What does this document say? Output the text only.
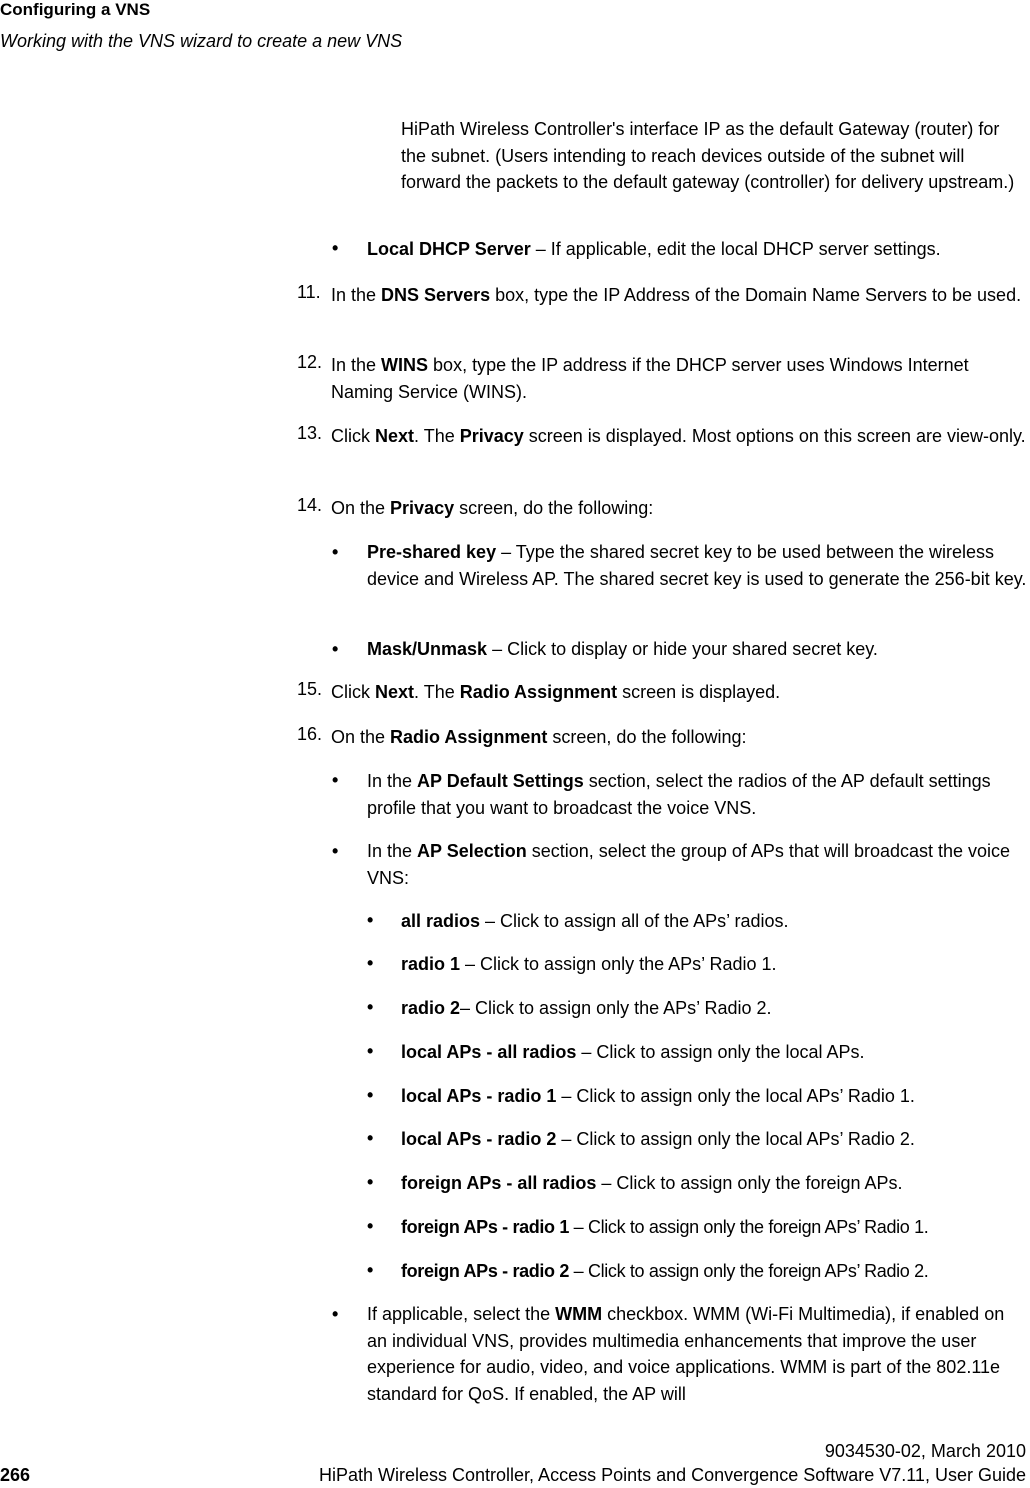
Configuring a VNS
Working with the VNS wizard to create a new VNS
HiPath Wireless Controller's interface IP as the default Gateway (router) for the subnet. (Users intending to reach devices outside of the subnet will forward the packets to the default gateway (controller) for delivery upstream.)
• Local DHCP Server – If applicable, edit the local DHCP server settings.
11. In the DNS Servers box, type the IP Address of the Domain Name Servers to be used.
12. In the WINS box, type the IP address if the DHCP server uses Windows Internet Naming Service (WINS).
13. Click Next. The Privacy screen is displayed. Most options on this screen are view-only.
14. On the Privacy screen, do the following:
• Pre-shared key – Type the shared secret key to be used between the wireless device and Wireless AP. The shared secret key is used to generate the 256-bit key.
• Mask/Unmask – Click to display or hide your shared secret key.
15. Click Next. The Radio Assignment screen is displayed.
16. On the Radio Assignment screen, do the following:
• In the AP Default Settings section, select the radios of the AP default settings profile that you want to broadcast the voice VNS.
• In the AP Selection section, select the group of APs that will broadcast the voice VNS:
• all radios – Click to assign all of the APs’ radios.
• radio 1 – Click to assign only the APs’ Radio 1.
• radio 2– Click to assign only the APs’ Radio 2.
• local APs - all radios – Click to assign only the local APs.
• local APs - radio 1 – Click to assign only the local APs’ Radio 1.
• local APs - radio 2 – Click to assign only the local APs’ Radio 2.
• foreign APs - all radios – Click to assign only the foreign APs.
• foreign APs - radio 1 – Click to assign only the foreign APs’ Radio 1.
• foreign APs - radio 2 – Click to assign only the foreign APs’ Radio 2.
• If applicable, select the WMM checkbox. WMM (Wi-Fi Multimedia), if enabled on an individual VNS, provides multimedia enhancements that improve the user experience for audio, video, and voice applications. WMM is part of the 802.11e standard for QoS. If enabled, the AP will
9034530-02, March 2010
266	HiPath Wireless Controller, Access Points and Convergence Software V7.11, User Guide
